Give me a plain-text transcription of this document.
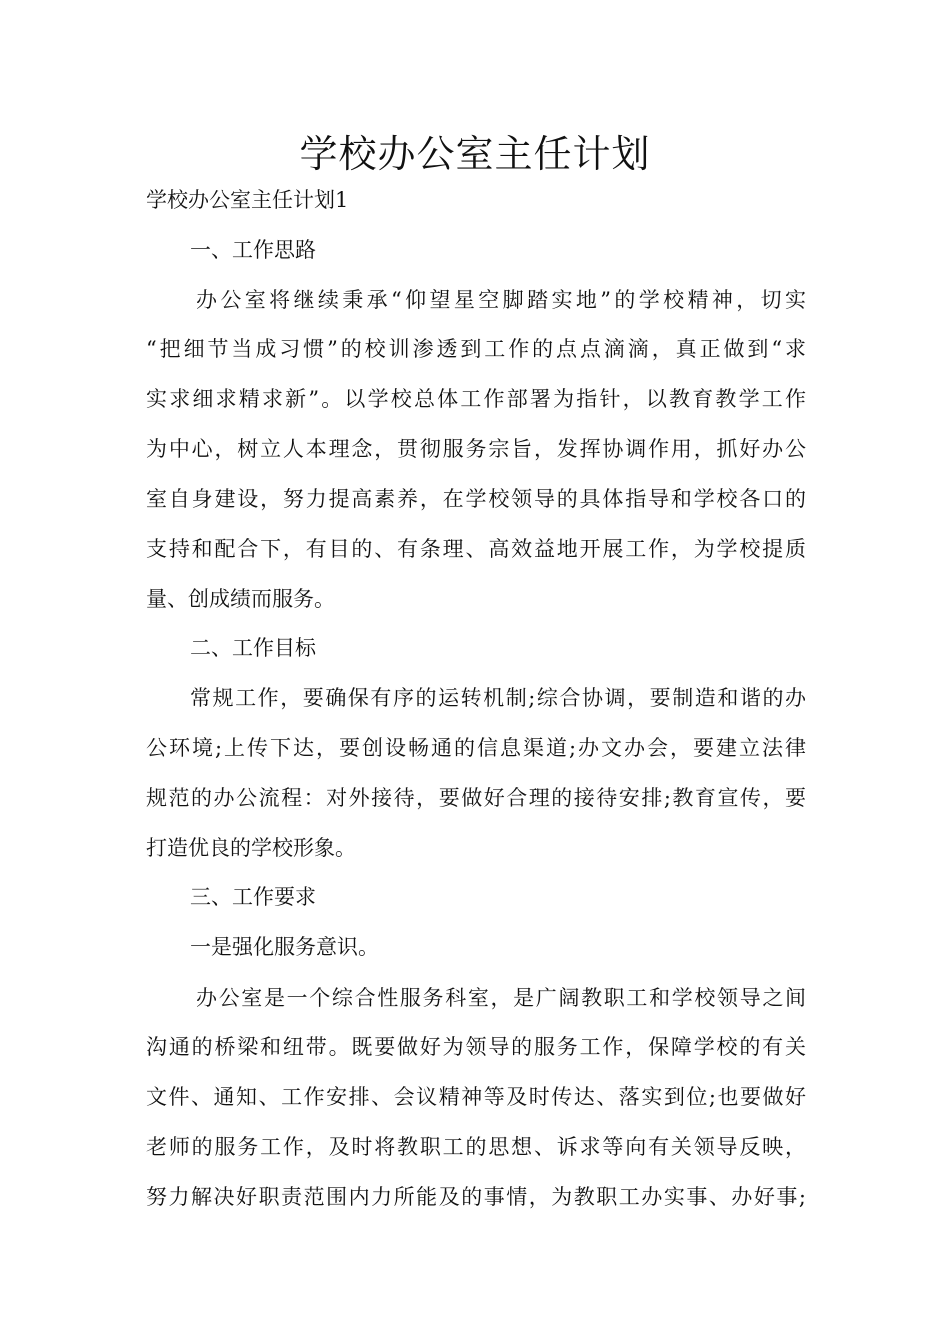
学校办公室主任计划

学校办公室主任计划1

一、工作思路

办公室将继续秉承“仰望星空脚踏实地”的学校精神，切实

“把细节当成习惯”的校训渗透到工作的点点滴滴，真正做到“求

实求细求精求新”。以学校总体工作部署为指针，以教育教学工作

为中心，树立人本理念，贯彻服务宗旨，发挥协调作用，抓好办公

室自身建设，努力提高素养，在学校领导的具体指导和学校各口的

支持和配合下，有目的、有条理、高效益地开展工作，为学校提质

量、创成绩而服务。

二、工作目标

常规工作，要确保有序的运转机制;综合协调，要制造和谐的办

公环境;上传下达，要创设畅通的信息渠道;办文办会，要建立法律

规范的办公流程：对外接待，要做好合理的接待安排;教育宣传，要

打造优良的学校形象。

三、工作要求

一是强化服务意识。

办公室是一个综合性服务科室，是广阔教职工和学校领导之间

沟通的桥梁和纽带。既要做好为领导的服务工作，保障学校的有关

文件、通知、工作安排、会议精神等及时传达、落实到位;也要做好

老师的服务工作，及时将教职工的思想、诉求等向有关领导反映，

努力解决好职责范围内力所能及的事情，为教职工办实事、办好事;
